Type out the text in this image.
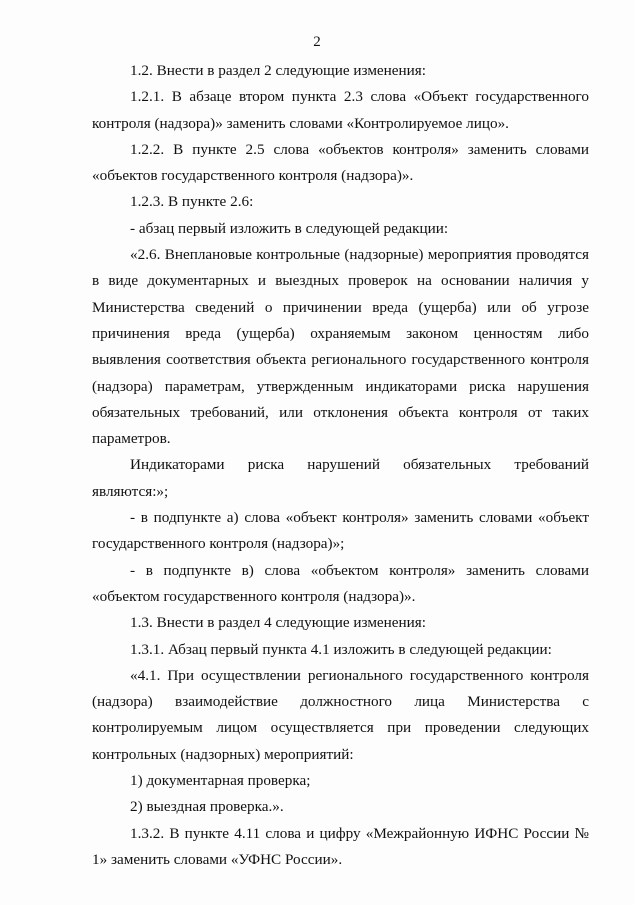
2

1.2. Внести в раздел 2 следующие изменения:

1.2.1. В абзаце втором пункта 2.3 слова «Объект государственного контроля (надзора)» заменить словами «Контролируемое лицо».

1.2.2. В пункте 2.5 слова «объектов контроля» заменить словами «объектов государственного контроля (надзора)».

1.2.3. В пункте 2.6:

- абзац первый изложить в следующей редакции:

«2.6. Внеплановые контрольные (надзорные) мероприятия проводятся в виде документарных и выездных проверок на основании наличия у Министерства сведений о причинении вреда (ущерба) или об угрозе причинения вреда (ущерба) охраняемым законом ценностям либо выявления соответствия объекта регионального государственного контроля (надзора) параметрам, утвержденным индикаторами риска нарушения обязательных требований, или отклонения объекта контроля от таких параметров.

Индикаторами риска нарушений обязательных требований являются:»;

- в подпункте а) слова «объект контроля» заменить словами «объект государственного контроля (надзора)»;

- в подпункте в) слова «объектом контроля» заменить словами «объектом государственного контроля (надзора)».

1.3. Внести в раздел 4 следующие изменения:

1.3.1. Абзац первый пункта 4.1 изложить в следующей редакции:

«4.1. При осуществлении регионального государственного контроля (надзора) взаимодействие должностного лица Министерства с контролируемым лицом осуществляется при проведении следующих контрольных (надзорных) мероприятий:

1) документарная проверка;

2) выездная проверка.».

1.3.2. В пункте 4.11 слова и цифру «Межрайонную ИФНС России № 1» заменить словами «УФНС России».
